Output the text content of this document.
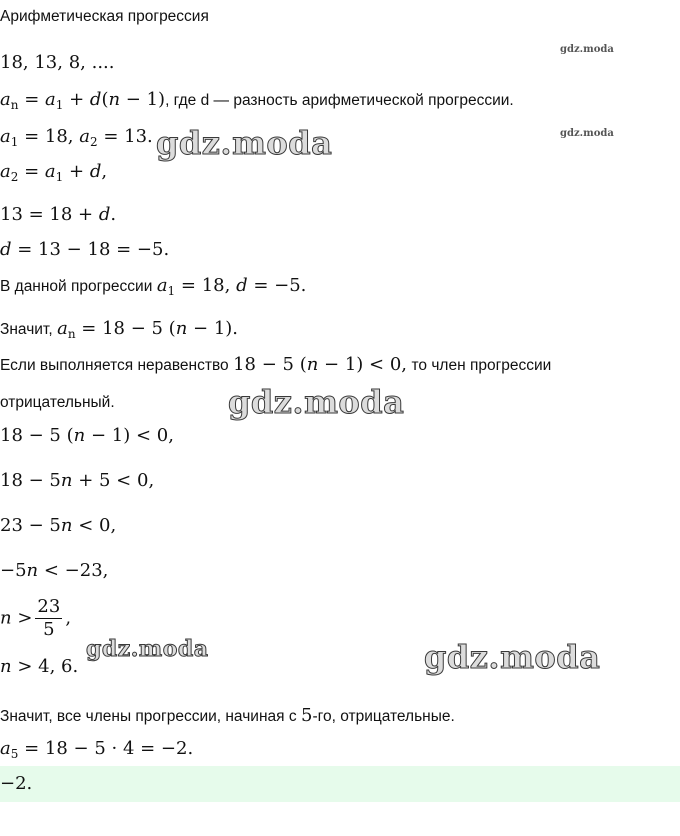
Арифметическая прогрессия
18, 13, 8, ....
$a_n = a_1 + d(n - 1)$, где d — разность арифметической прогрессии.
$a_1 = 18$, $a_2 = 13$.
$a_2 = a_1 + d$,
13 = 18 + d.
d = 13 − 18 = −5.
В данной прогрессии $a_1 = 18$, d = −5.
Значит, $a_n = 18 - 5$ (n − 1).
Если выполняется неравенство 18 − 5 (n − 1) < 0, то член прогрессии
отрицательный.
18 − 5 (n − 1) < 0,
18 − 5n + 5 < 0,
23 − 5n < 0,
−5n < −23,
$n > \frac{23}{5}$ ,
n > 4, 6.
Значит, все члены прогрессии, начиная с 5-го, отрицательные.
$a_5 = 18 - 5 \cdot 4 = -2$.
−2.
gdz.moda
gdz.moda
gdz.moda
gdz.moda
gdz.moda	gdz.moda
